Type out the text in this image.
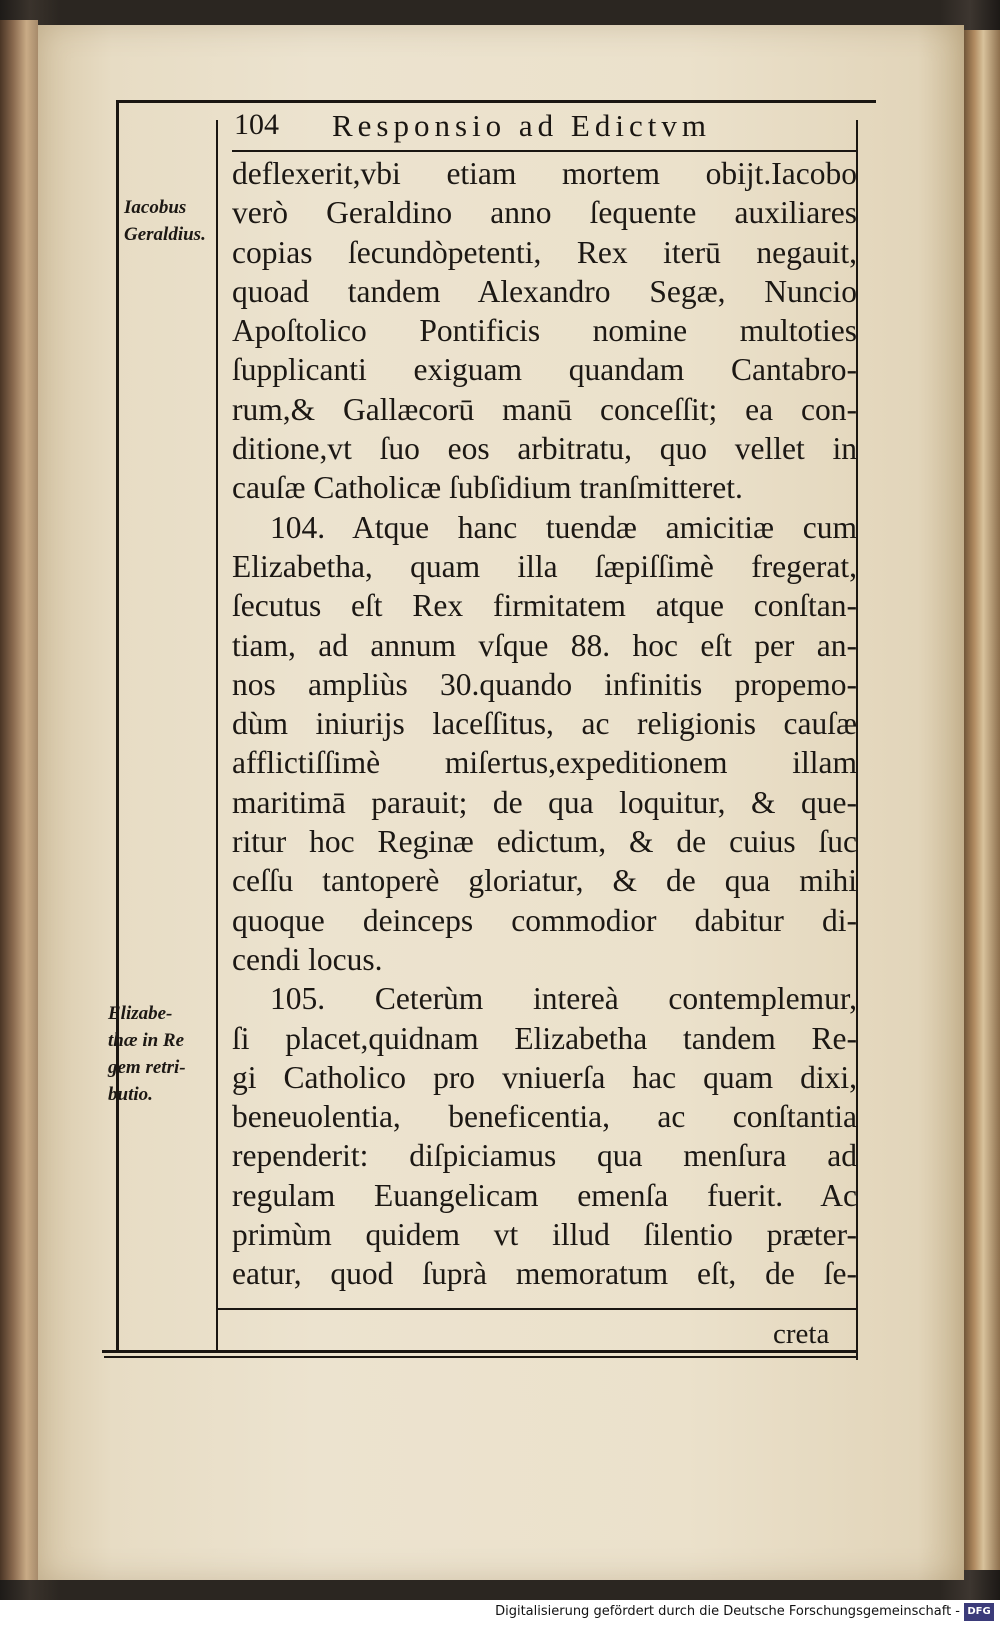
104 Responsio ad Edictvm
Iacobus
Geraldius.
Elizabe-
thæ in Re
gem retri-
butio.
deflexerit,vbi etiam mortem obijt.Iacobo
verò Geraldino anno ſequente auxiliares
copias ſecundòpetenti, Rex iterū negauit,
quoad tandem Alexandro Segæ, Nuncio
Apoſtolico Pontificis nomine multoties
ſupplicanti exiguam quandam Cantabro-
rum,& Gallæcorū manū conceſſit; ea con-
ditione,vt ſuo eos arbitratu, quo vellet in
cauſæ Catholicæ ſubſidium tranſmitteret.
104. Atque hanc tuendæ amicitiæ cum
Elizabetha, quam illa ſæpiſſimè fregerat,
ſecutus eſt Rex firmitatem atque conſtan-
tiam, ad annum vſque 88. hoc eſt per an-
nos ampliùs 30.quando infinitis propemo-
dùm iniurijs laceſſitus, ac religionis cauſæ
afflictiſſimè miſertus,expeditionem illam
maritimā parauit; de qua loquitur, & que-
ritur hoc Reginæ edictum, & de cuius ſuc
ceſſu tantoperè gloriatur, & de qua mihi
quoque deinceps commodior dabitur di-
cendi locus.
105. Ceterùm intereà contemplemur,
ſi placet,quidnam Elizabetha tandem Re-
gi Catholico pro vniuerſa hac quam dixi,
beneuolentia, beneficentia, ac conſtantia
rependerit: diſpiciamus qua menſura ad
regulam Euangelicam emenſa fuerit. Ac
primùm quidem vt illud ſilentio præter-
eatur, quod ſuprà memoratum eſt, de ſe-
creta
Digitalisierung gefördert durch die Deutsche Forschungsgemeinschaft - DFG
